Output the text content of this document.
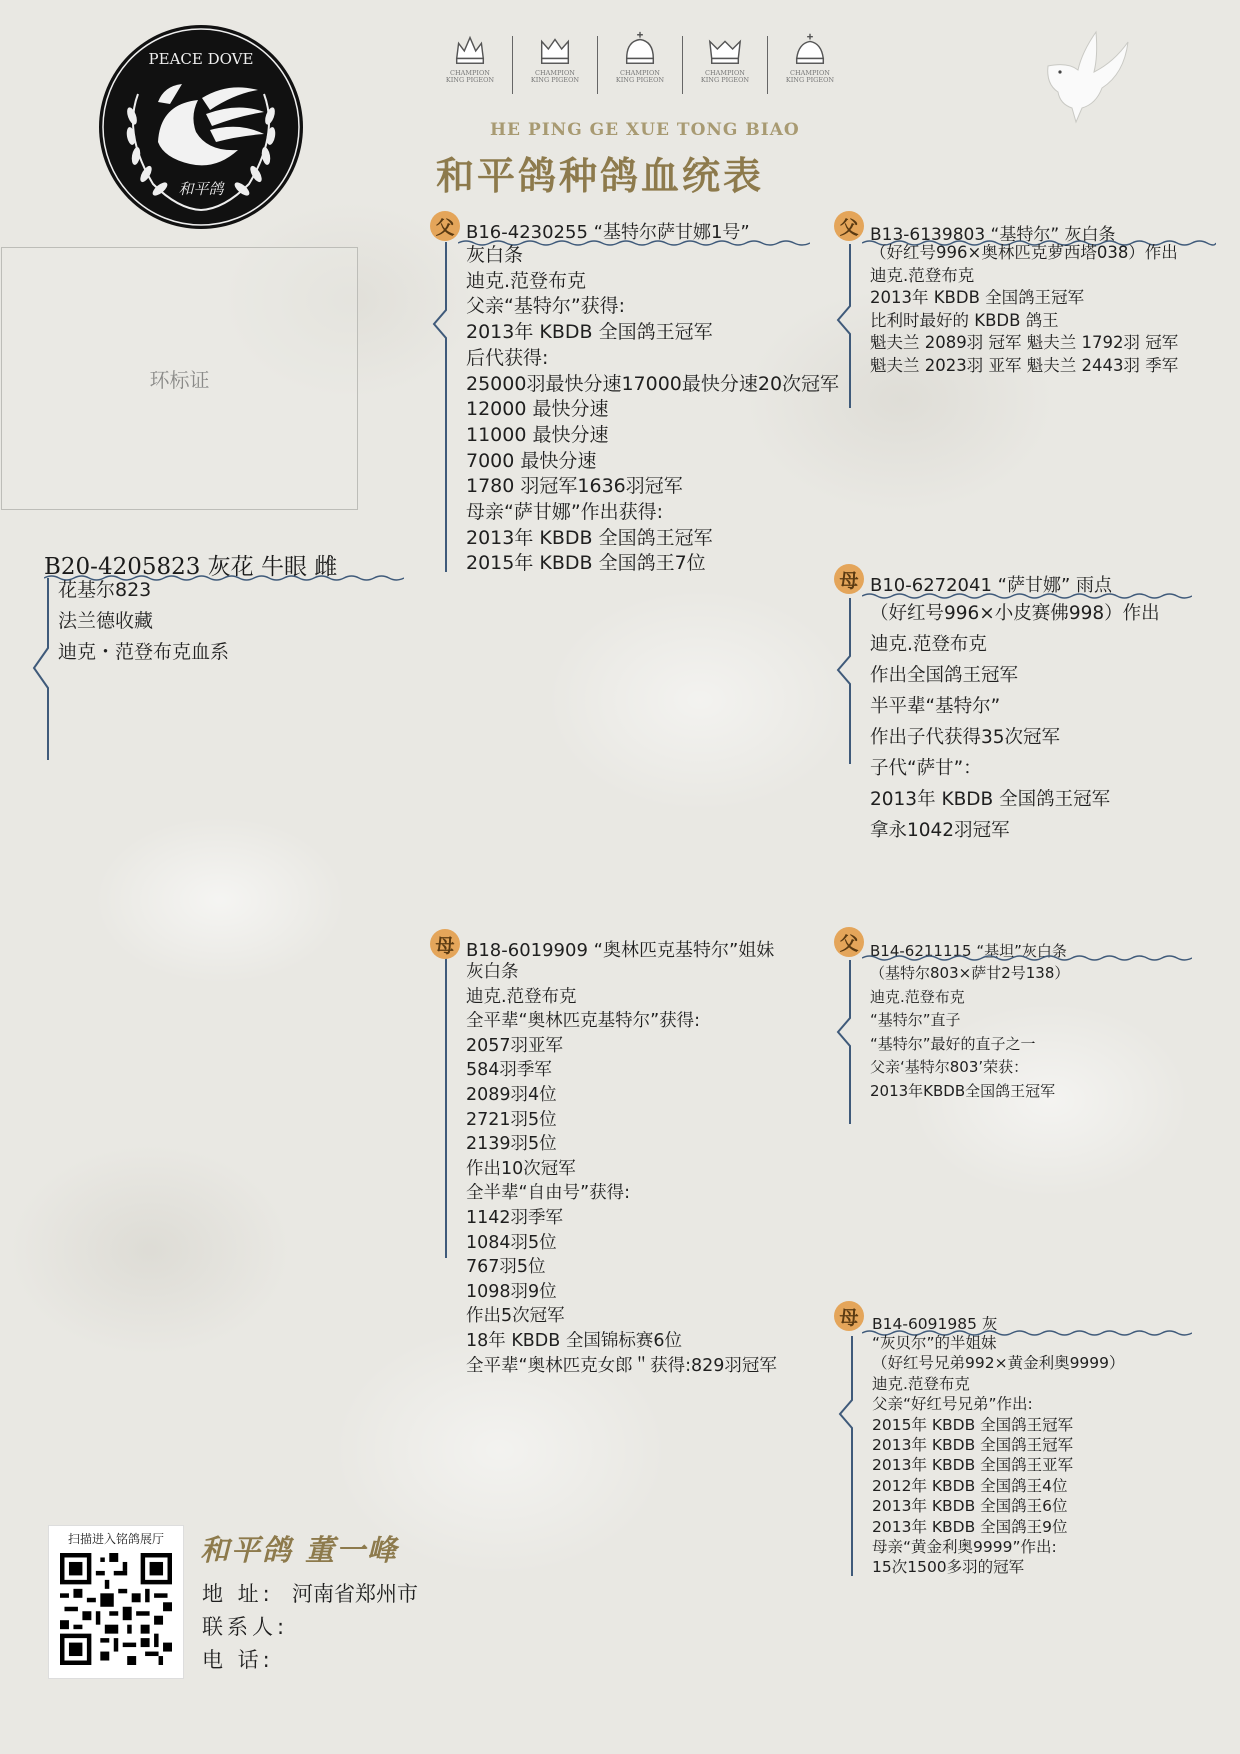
PEACE DOVE
和平鸽
CHAMPION
KING PIGEON
CHAMPION
KING PIGEON
CHAMPION
KING PIGEON
CHAMPION
KING PIGEON
CHAMPION
KING PIGEON
HE PING GE XUE TONG BIAO
和平鸽种鸽血统表
环标证
B20-4205823 灰花 牛眼 雌
花基尔823
法兰德收藏
迪克・范登布克血系
父 B16-4230255 “基特尔萨甘娜1号”
灰白条
迪克.范登布克
父亲“基特尔”获得:
2013年 KBDB 全国鸽王冠军
后代获得:
25000羽最快分速17000最快分速20次冠军
12000 最快分速
11000 最快分速
7000 最快分速
1780 羽冠军1636羽冠军
母亲“萨甘娜”作出获得:
2013年 KBDB 全国鸽王冠军
2015年 KBDB 全国鸽王7位
父 B13-6139803 “基特尔” 灰白条
（好红号996×奥林匹克萝西塔038）作出
迪克.范登布克
2013年 KBDB 全国鸽王冠军
比利时最好的 KBDB 鸽王
魁夫兰 2089羽 冠军 魁夫兰 1792羽 冠军
魁夫兰 2023羽 亚军 魁夫兰 2443羽 季军
母 B10-6272041 “萨甘娜” 雨点
（好红号996×小皮赛佛998）作出
迪克.范登布克
作出全国鸽王冠军
半平辈“基特尔”
作出子代获得35次冠军
子代“萨甘”：
2013年 KBDB 全国鸽王冠军
拿永1042羽冠军
母 B18-6019909 “奥林匹克基特尔”姐妹
灰白条
迪克.范登布克
全平辈“奥林匹克基特尔”获得:
2057羽亚军
584羽季军
2089羽4位
2721羽5位
2139羽5位
作出10次冠军
全半辈“自由号”获得:
1142羽季军
1084羽5位
767羽5位
1098羽9位
作出5次冠军
18年 KBDB 全国锦标赛6位
全平辈“奥林匹克女郎＂获得:829羽冠军
父 B14-6211115 “基坦”灰白条
（基特尔803×萨甘2号138）
迪克.范登布克
“基特尔”直子
“基特尔”最好的直子之一
父亲‘基特尔803’荣获：
2013年KBDB全国鸽王冠军
母 B14-6091985 灰
“灰贝尔”的半姐妹
（好红号兄弟992×黄金利奥9999）
迪克.范登布克
父亲“好红号兄弟”作出:
2015年 KBDB 全国鸽王冠军
2013年 KBDB 全国鸽王冠军
2013年 KBDB 全国鸽王亚军
2012年 KBDB 全国鸽王4位
2013年 KBDB 全国鸽王6位
2013年 KBDB 全国鸽王9位
母亲“黄金利奥9999”作出:
15次1500多羽的冠军
扫描进入铭鸽展厅	和平鸽 董一峰
地 址: 河南省郑州市
联系人:
电 话:
